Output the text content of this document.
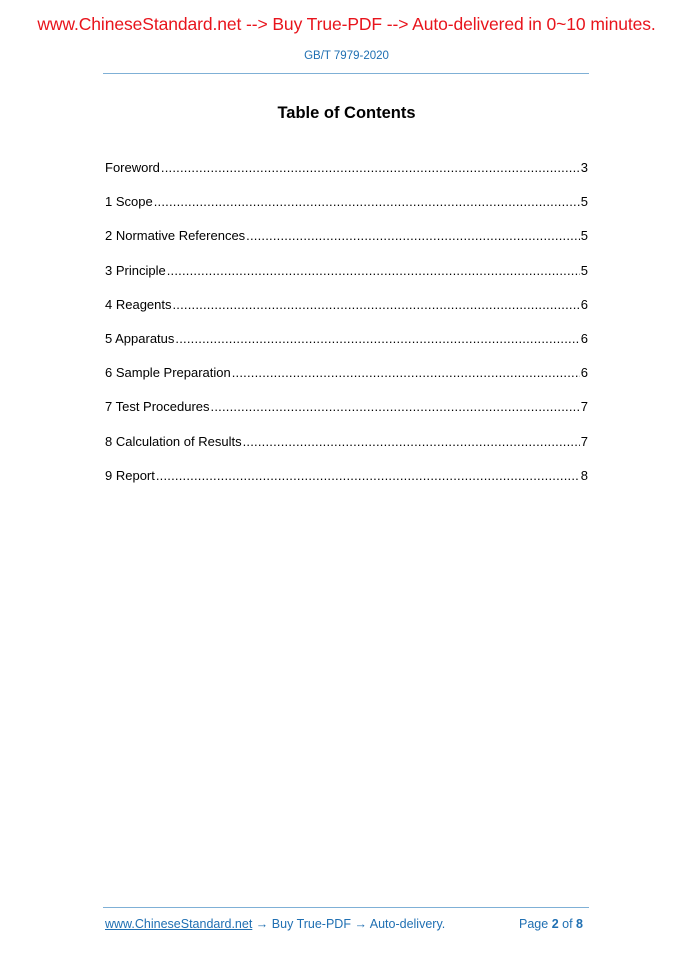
www.ChineseStandard.net --> Buy True-PDF --> Auto-delivered in 0~10 minutes.
GB/T 7979-2020
Table of Contents
Foreword .....	3
1 Scope .....	5
2 Normative References .....	5
3 Principle .....	5
4 Reagents .....	6
5 Apparatus .....	6
6 Sample Preparation .....	6
7 Test Procedures .....	7
8 Calculation of Results .....	7
9 Report .....	8
www.ChineseStandard.net → Buy True-PDF → Auto-delivery.	Page 2 of 8
